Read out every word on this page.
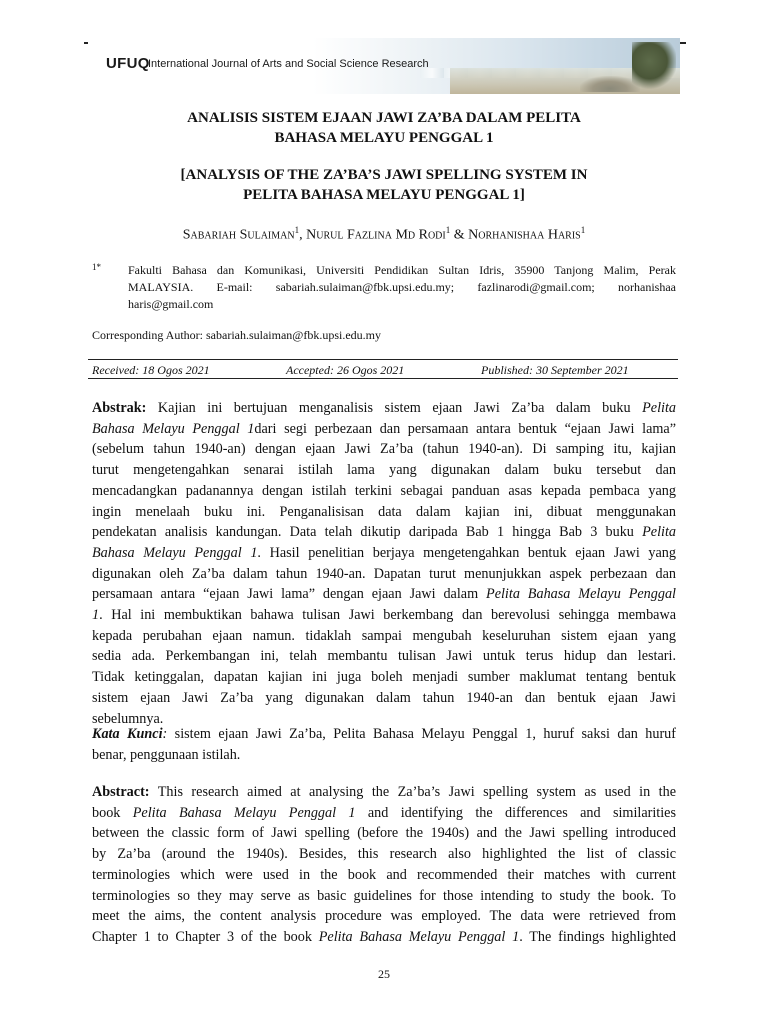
UFUQ
International Journal of Arts and Social Science Research
ANALISIS SISTEM EJAAN JAWI ZA’BA DALAM PELITA
BAHASA MELAYU PENGGAL 1
[ANALYSIS OF THE ZA’BA’S JAWI SPELLING SYSTEM IN
PELITA BAHASA MELAYU PENGGAL 1]
Sabariah Sulaiman$^1$, Nurul Fazlina Md Rodi$^1$ & Norhanishaa Haris$^1$
1* Fakulti Bahasa dan Komunikasi, Universiti Pendidikan Sultan Idris, 35900 Tanjong Malim, Perak
MALAYSIA. E-mail: sabariah.sulaiman@fbk.upsi.edu.my; fazlinarodi@gmail.com; norhanishaa
haris@gmail.com
Corresponding Author: sabariah.sulaiman@fbk.upsi.edu.my
Received: 18 Ogos 2021	Accepted: 26 Ogos 2021	Published: 30 September 2021
Abstrak: Kajian ini bertujuan menganalisis sistem ejaan Jawi Za’ba dalam buku Pelita
Bahasa Melayu Penggal 1dari segi perbezaan dan persamaan antara bentuk “ejaan Jawi lama”
(sebelum tahun 1940-an) dengan ejaan Jawi Za’ba (tahun 1940-an). Di samping itu, kajian
turut mengetengahkan senarai istilah lama yang digunakan dalam buku tersebut dan
mencadangkan padanannya dengan istilah terkini sebagai panduan asas kepada pembaca yang
ingin menelaah buku ini. Penganalisisan data dalam kajian ini, dibuat menggunakan
pendekatan analisis kandungan. Data telah dikutip daripada Bab 1 hingga Bab 3 buku Pelita
Bahasa Melayu Penggal 1. Hasil penelitian berjaya mengetengahkan bentuk ejaan Jawi yang
digunakan oleh Za’ba dalam tahun 1940-an. Dapatan turut menunjukkan aspek perbezaan dan
persamaan antara “ejaan Jawi lama” dengan ejaan Jawi dalam Pelita Bahasa Melayu Penggal
1. Hal ini membuktikan bahawa tulisan Jawi berkembang dan berevolusi sehingga membawa
kepada perubahan ejaan namun. tidaklah sampai mengubah keseluruhan sistem ejaan yang
sedia ada. Perkembangan ini, telah membantu tulisan Jawi untuk terus hidup dan lestari.
Tidak ketinggalan, dapatan kajian ini juga boleh menjadi sumber maklumat tentang bentuk
sistem ejaan Jawi Za’ba yang digunakan dalam tahun 1940-an dan bentuk ejaan Jawi
sebelumnya.
Kata Kunci: sistem ejaan Jawi Za’ba, Pelita Bahasa Melayu Penggal 1, huruf saksi dan huruf
benar, penggunaan istilah.
Abstract: This research aimed at analysing the Za’ba’s Jawi spelling system as used in the
book Pelita Bahasa Melayu Penggal 1 and identifying the differences and similarities
between the classic form of Jawi spelling (before the 1940s) and the Jawi spelling introduced
by Za’ba (around the 1940s). Besides, this research also highlighted the list of classic
terminologies which were used in the book and recommended their matches with current
terminologies so they may serve as basic guidelines for those intending to study the book. To
meet the aims, the content analysis procedure was employed. The data were retrieved from
Chapter 1 to Chapter 3 of the book Pelita Bahasa Melayu Penggal 1. The findings highlighted
25
